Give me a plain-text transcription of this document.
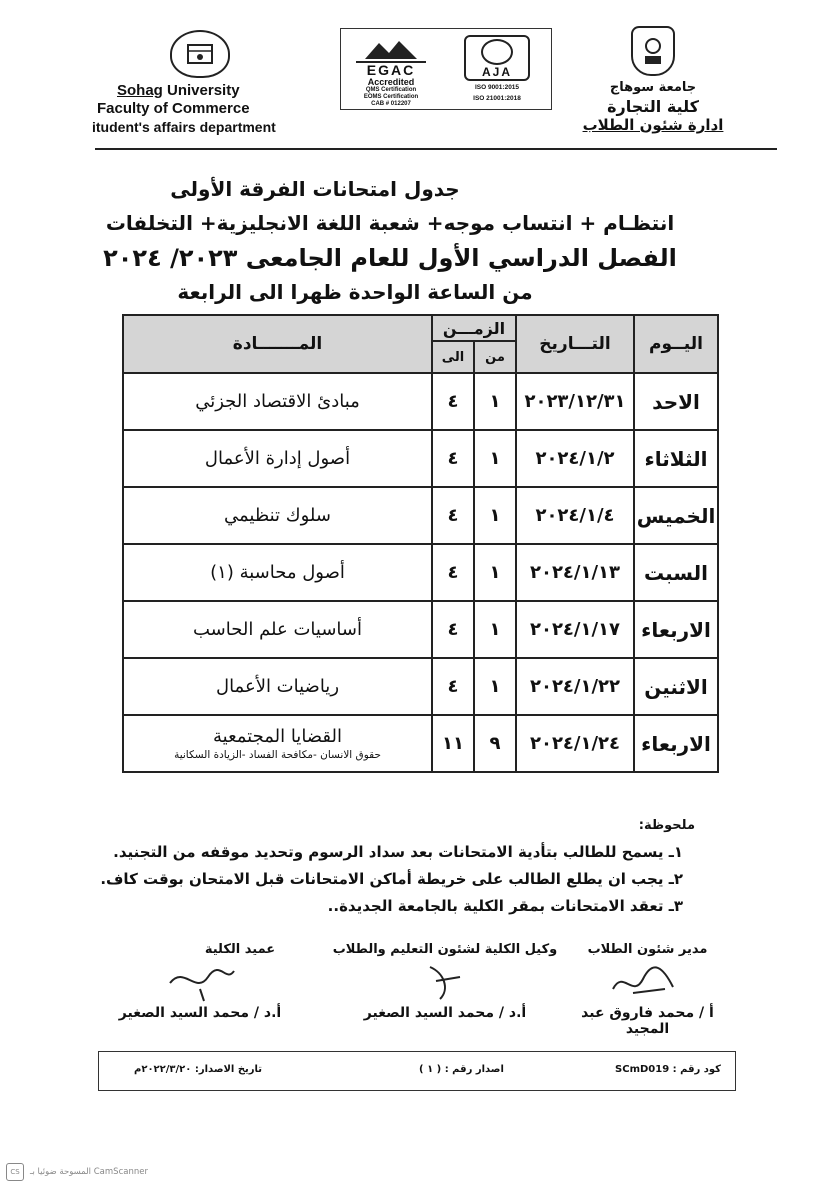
Sohag University
Faculty of Commerce
itudent's affairs department
EGAC
Accredited
QMS Certification
EOMS Certification
CAB # 012207
AJA
ISO 9001:2015
ISO 21001:2018
جامعة سوهاج
كلية التجارة
ادارة شئون الطلاب
جدول امتحانات الفرقة الأولى
انتظـام + انتساب موجه+ شعبة اللغة الانجليزية+ التخلفات
الفصل الدراسي الأول للعام الجامعى ٢٠٢٣/ ٢٠٢٤
من الساعة الواحدة ظهرا الى الرابعة
اليــوم	التـــاريخ	الزمـــن		المـــــــادة
		من	الى	
الاحد	٢٠٢٣/١٢/٣١	١	٤	مبادئ الاقتصاد الجزئي
الثلاثاء	٢٠٢٤/١/٢	١	٤	أصول إدارة الأعمال
الخميس	٢٠٢٤/١/٤	١	٤	سلوك تنظيمي
السبت	٢٠٢٤/١/١٣	١	٤	أصول محاسبة (١)
الاربعاء	٢٠٢٤/١/١٧	١	٤	أساسيات علم الحاسب
الاثنين	٢٠٢٤/١/٢٢	١	٤	رياضيات الأعمال
الاربعاء	٢٠٢٤/١/٢٤	٩	١١	القضايا المجتمعية
حقوق الانسان -مكافحة الفساد -الزيادة السكانية
ملحوظة:
١ـ يسمح للطالب بتأدية الامتحانات بعد سداد الرسوم وتحديد موقفه من التجنيد.
٢ـ يجب ان يطلع الطالب على خريطة أماكن الامتحانات قبل الامتحان بوقت كاف.
٣ـ تعقد الامتحانات بمقر الكلية بالجامعة الجديدة..
مدير شئون الطلاب
أ / محمد فاروق عبد المجيد
وكيل الكلية لشئون التعليم والطلاب
أ.د / محمد السيد الصغير
عميد الكلية
أ.د / محمد السيد الصغير
كود رقم : SCmD019
اصدار رقم : ( ١ )
تاريخ الاصدار: ٢٠٢٢/٣/٢٠م
CS	المسوحة ضوئيا بـ CamScanner
